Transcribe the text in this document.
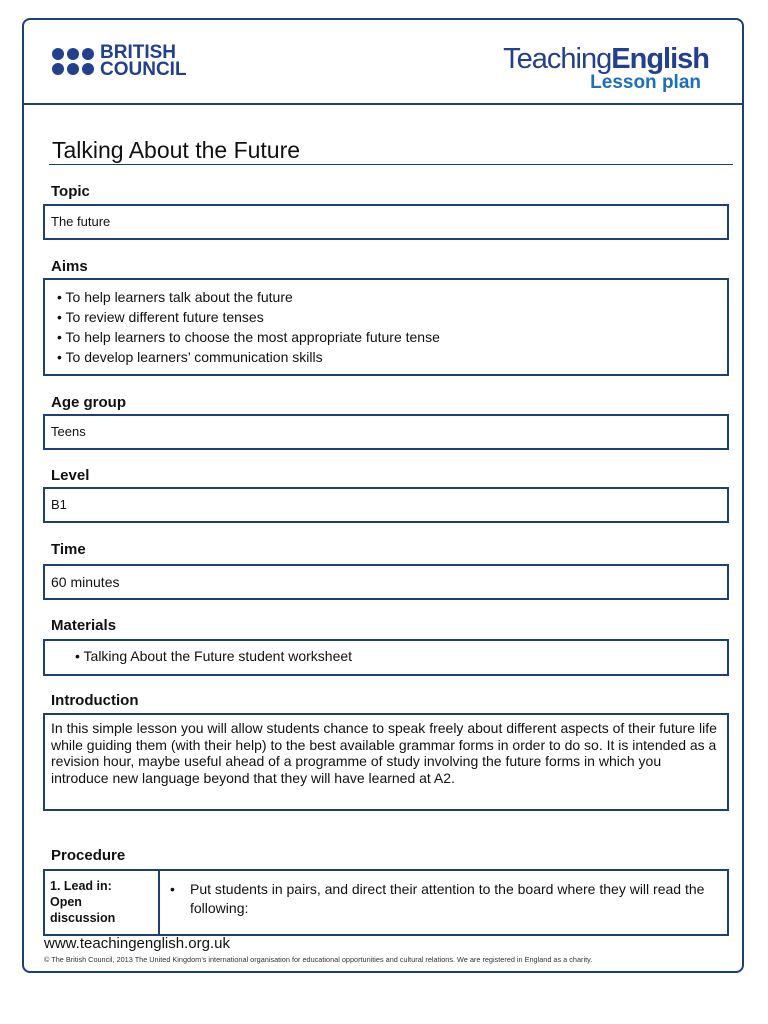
BRITISH
COUNCIL	TeachingEnglish
Lesson plan
Talking About the Future
Topic
The future
Aims
• To help learners talk about the future
• To review different future tenses
• To help learners to choose the most appropriate future tense
• To develop learners’ communication skills
Age group
Teens
Level
B1
Time
60 minutes
Materials
• Talking About the Future student worksheet
Introduction
In this simple lesson you will allow students chance to speak freely about different aspects of their future life while guiding them (with their help) to the best available grammar forms in order to do so. It is intended as a revision hour, maybe useful ahead of a programme of study involving the future forms in which you introduce new language beyond that they will have learned at A2.
Procedure
1. Lead in:
Open
discussion
•	Put students in pairs, and direct their attention to the board where they will read the following:
www.teachingenglish.org.uk
© The British Council, 2013 The United Kingdom’s international organisation for educational opportunities and cultural relations. We are registered in England as a charity.
